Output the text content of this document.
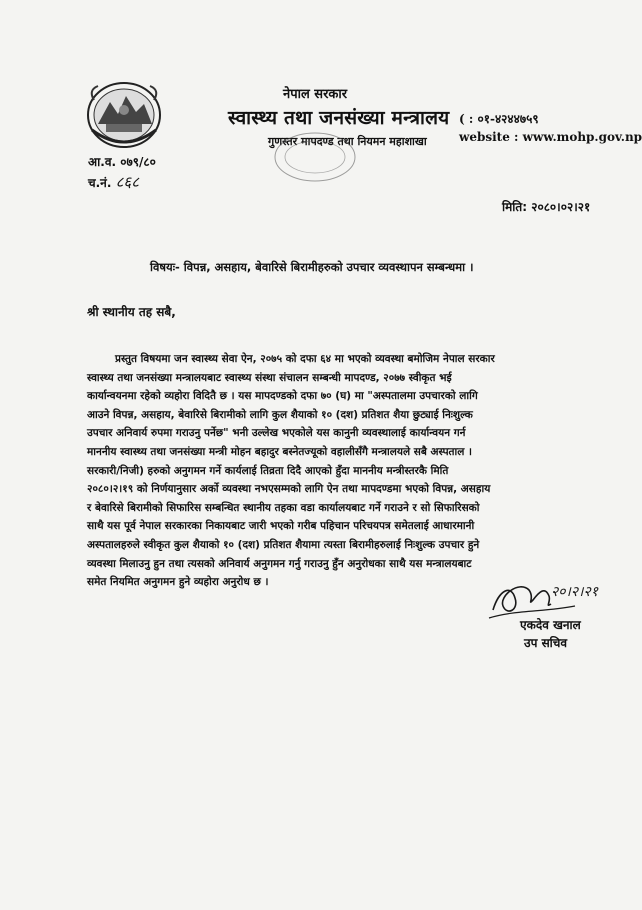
नेपाल सरकार
स्वास्थ्य तथा जनसंख्या मन्त्रालय
गुणस्तर मापदण्ड तथा नियमन महाशाखा
( : ०१-४२४४७५९
website : www.mohp.gov.np
आ.व. ०७९/८०
च.नं. ८६८
मिति: २०८०।०२।२१
विषयः- विपन्न, असहाय, बेवारिसे बिरामीहरुको उपचार व्यवस्थापन सम्बन्धमा ।
श्री स्थानीय तह सबै,
प्रस्तुत विषयमा जन स्वास्थ्य सेवा ऐन, २०७५ को दफा ६४ मा भएको व्यवस्था बमोजिम नेपाल सरकार
स्वास्थ्य तथा जनसंख्या मन्त्रालयबाट स्वास्थ्य संस्था संचालन सम्बन्धी मापदण्ड, २०७७ स्वीकृत भई
कार्यान्वयनमा रहेको व्यहोरा विदितै छ । यस मापदण्डको दफा ७० (घ) मा "अस्पतालमा उपचारको लागि
आउने विपन्न, असहाय, बेवारिसे बिरामीको लागि कुल शैयाको १० (दश) प्रतिशत शैया छुट्याई निःशुल्क
उपचार अनिवार्य रुपमा गराउनु पर्नेछ" भनी उल्लेख भएकोले यस कानुनी व्यवस्थालाई कार्यान्वयन गर्न
माननीय स्वास्थ्य तथा जनसंख्या मन्त्री मोहन बहादुर बस्नेतज्यूको वहालीसँगै मन्त्रालयले सबै अस्पताल ।
सरकारी/निजी) हरुको अनुगमन गर्ने कार्यलाई तिव्रता दिदै आएको हुँदा माननीय मन्त्रीस्तरकै मिति
२०८०।२।१९ को निर्णयानुसार अर्को व्यवस्था नभएसम्मको लागि ऐन तथा मापदण्डमा भएको विपन्न, असहाय
र बेवारिसे बिरामीको सिफारिस सम्बन्धित स्थानीय तहका वडा कार्यालयबाट गर्ने गराउने र सो सिफारिसको
साथै यस पूर्व नेपाल सरकारका निकायबाट जारी भएको गरीब पहिचान परिचयपत्र समेतलाई आधारमानी
अस्पतालहरुले स्वीकृत कुल शैयाको १० (दश) प्रतिशत शैयामा त्यस्ता बिरामीहरुलाई निःशुल्क उपचार हुने
व्यवस्था मिलाउनु हुन तथा त्यसको अनिवार्य अनुगमन गर्नु गराउनु हुँन अनुरोधका साथै यस मन्त्रालयबाट
समेत नियमित अनुगमन हुने व्यहोरा अनुरोध छ ।
२०।२।२१
एकदेव खनाल
उप सचिव
